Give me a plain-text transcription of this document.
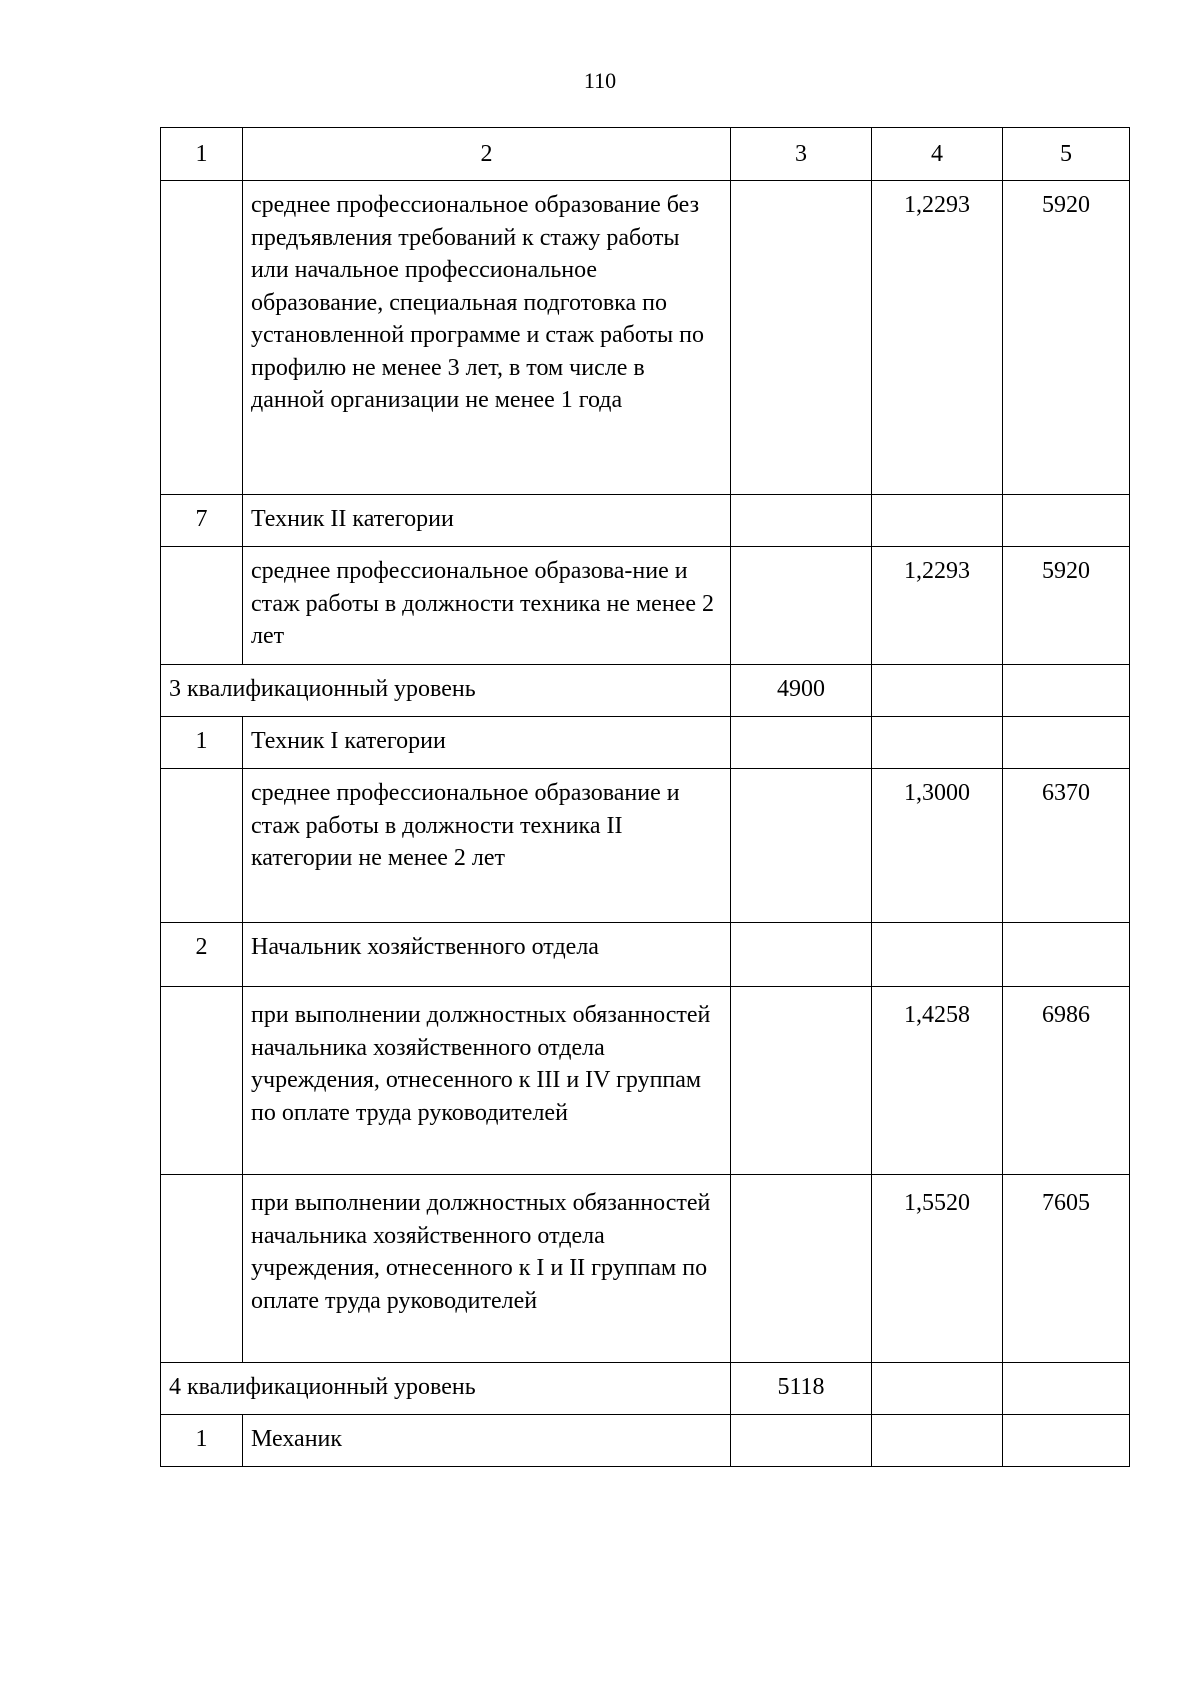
110
1	2	3	4	5
	среднее профессиональное образование без предъявления требований к стажу работы или начальное профессиональное образование, специальная подготовка по установленной программе и стаж работы по профилю не менее 3 лет, в том числе в данной организации не менее 1 года		1,2293	5920
7	Техник II категории			
	среднее профессиональное образова-ние и стаж работы в должности техника не менее 2 лет		1,2293	5920
3 квалификационный уровень		4900		
1	Техник I категории			
	среднее профессиональное образование и стаж работы в должности техника II категории не менее 2 лет		1,3000	6370
2	Начальник хозяйственного отдела			
	при выполнении должностных обязанностей начальника хозяйственного отдела учреждения, отнесенного к III и IV группам по оплате труда руководителей		1,4258	6986
	при выполнении должностных обязанностей начальника хозяйственного отдела учреждения, отнесенного к I и II группам по оплате труда руководителей		1,5520	7605
4 квалификационный уровень		5118		
1	Механик			
